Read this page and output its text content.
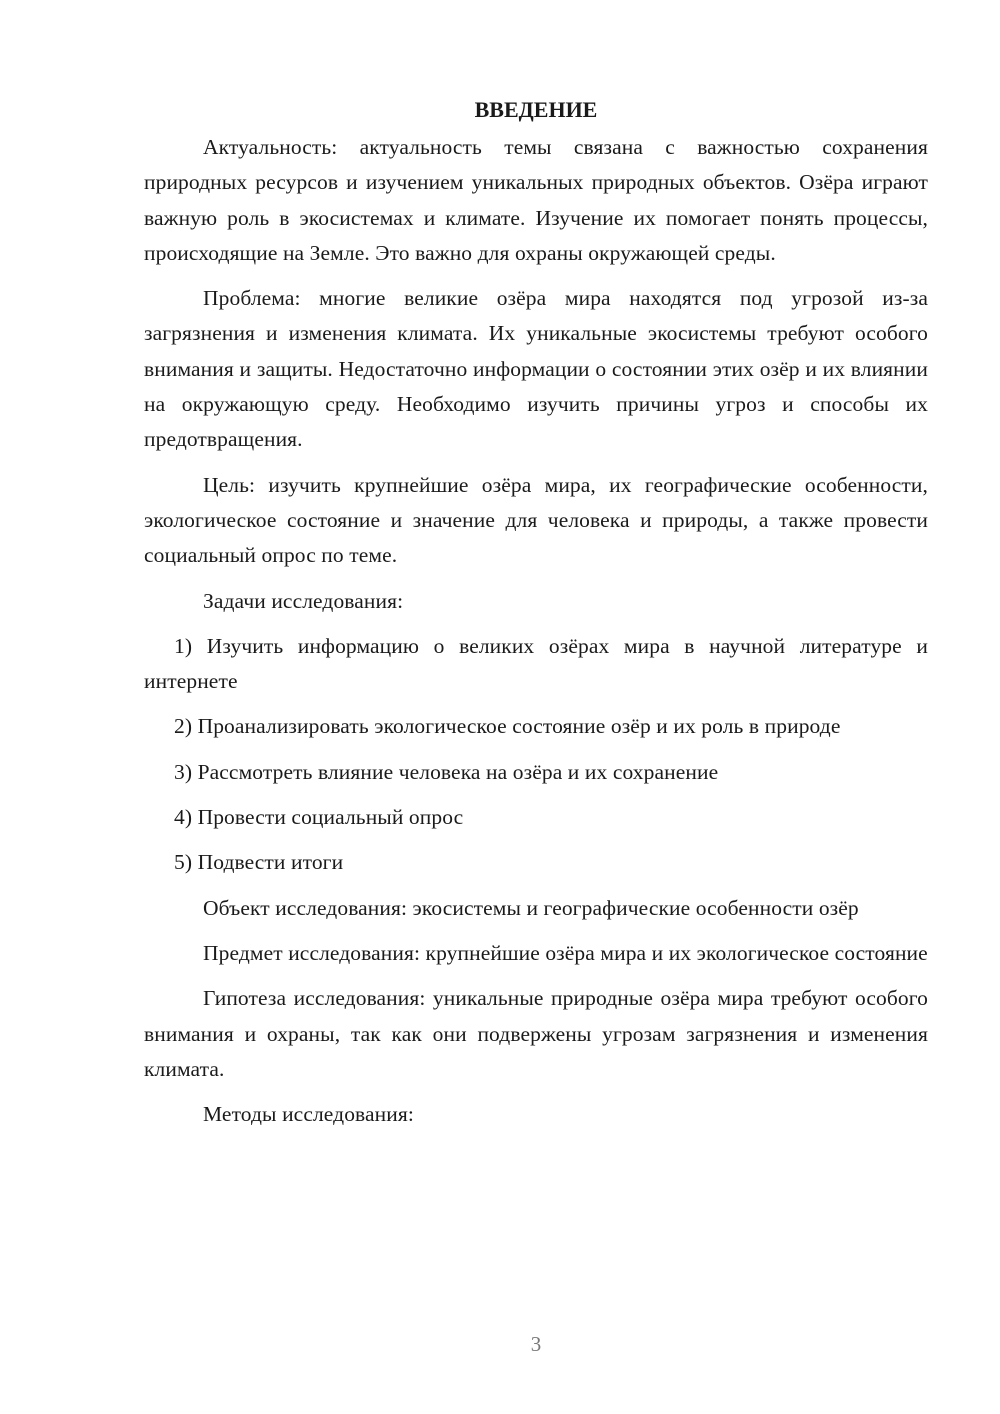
ВВЕДЕНИЕ
Актуальность: актуальность темы связана с важностью сохранения природных ресурсов и изучением уникальных природных объектов. Озёра играют важную роль в экосистемах и климате. Изучение их помогает понять процессы, происходящие на Земле. Это важно для охраны окружающей среды.
Проблема: многие великие озёра мира находятся под угрозой из-за загрязнения и изменения климата. Их уникальные экосистемы требуют особого внимания и защиты. Недостаточно информации о состоянии этих озёр и их влиянии на окружающую среду. Необходимо изучить причины угроз и способы их предотвращения.
Цель: изучить крупнейшие озёра мира, их географические особенности, экологическое состояние и значение для человека и природы, а также провести социальный опрос по теме.
Задачи исследования:
1) Изучить информацию о великих озёрах мира в научной литературе и интернете
2) Проанализировать экологическое состояние озёр и их роль в природе
3) Рассмотреть влияние человека на озёра и их сохранение
4) Провести социальный опрос
5) Подвести итоги
Объект исследования: экосистемы и географические особенности озёр
Предмет исследования: крупнейшие озёра мира и их экологическое состояние
Гипотеза исследования: уникальные природные озёра мира требуют особого внимания и охраны, так как они подвержены угрозам загрязнения и изменения климата.
Методы исследования:
3
